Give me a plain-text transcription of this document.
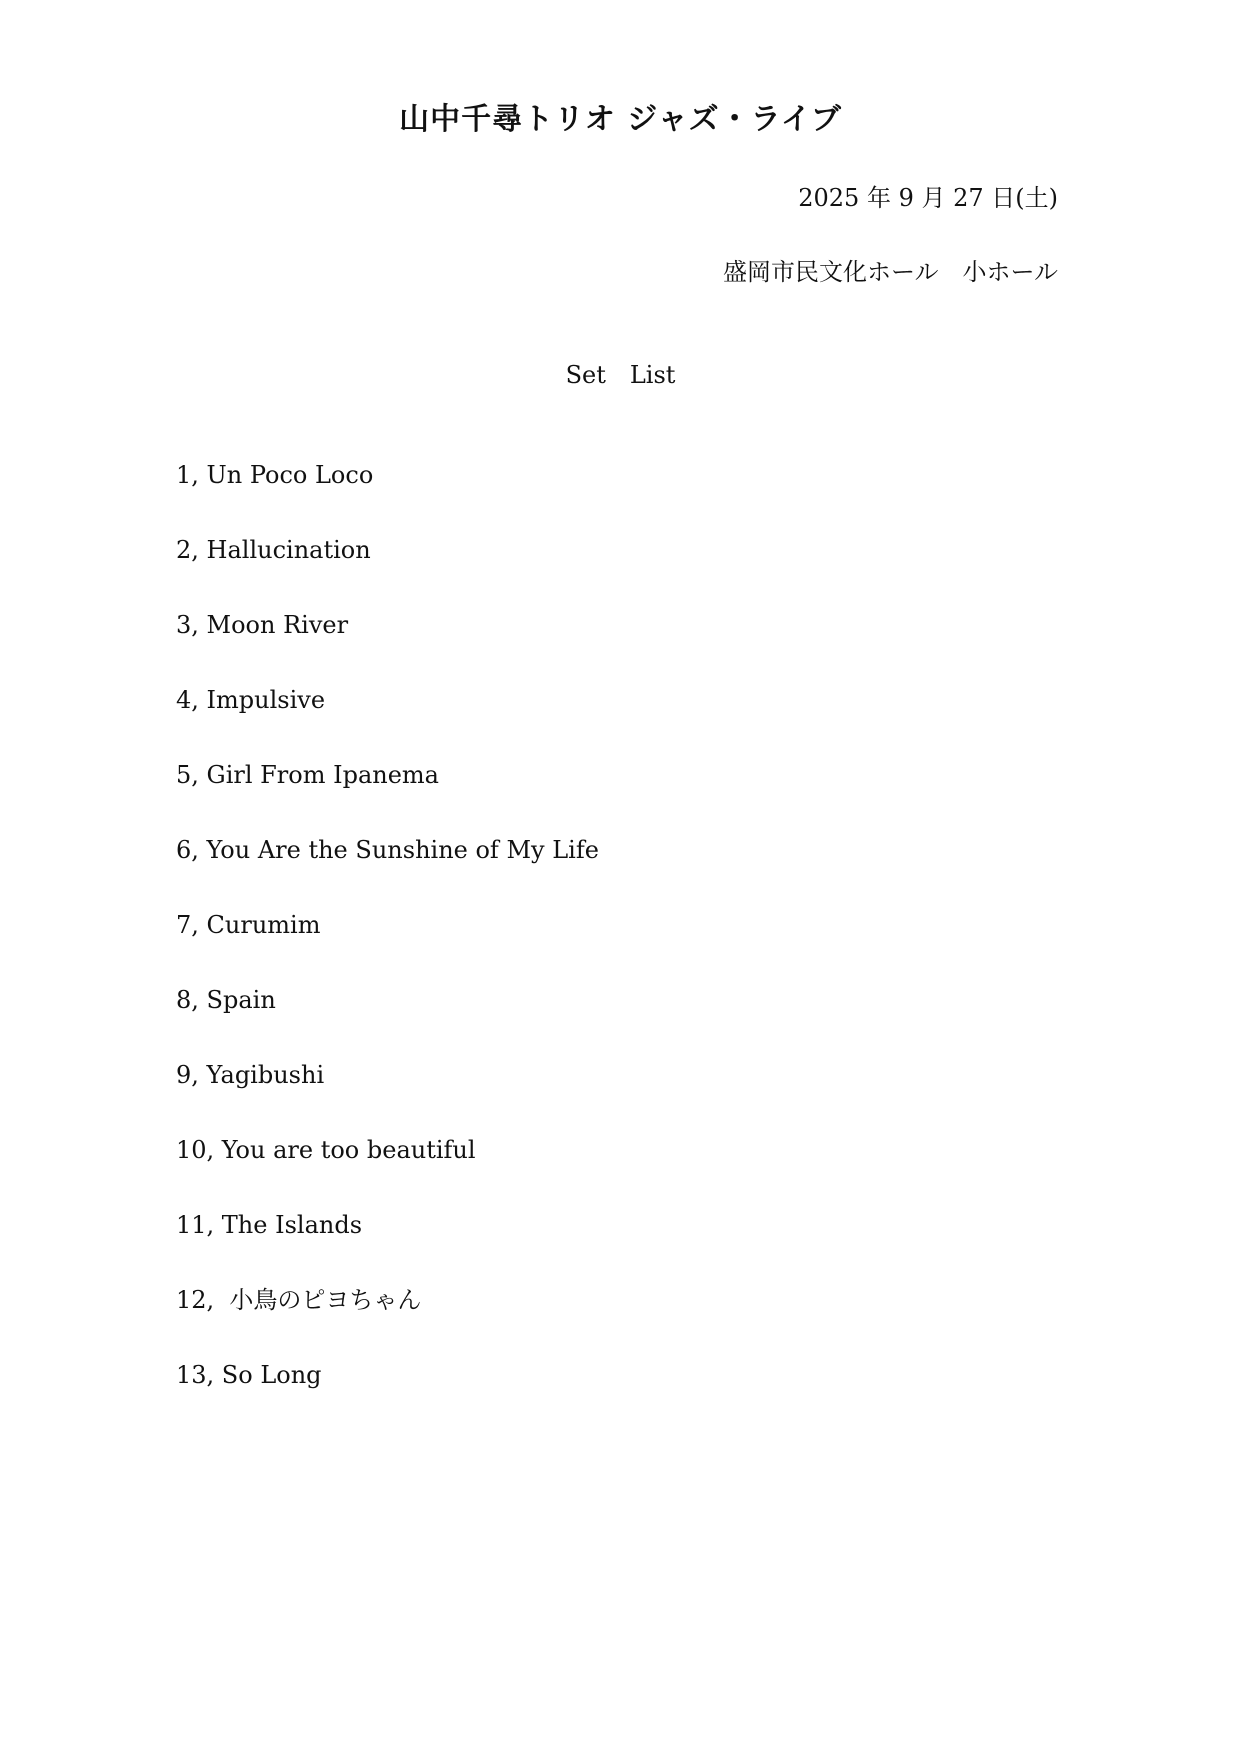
山中千尋トリオ ジャズ・ライブ
2025 年 9 月 27 日(土)
盛岡市民文化ホール　小ホール
Set　List
1, Un Poco Loco
2, Hallucination
3, Moon River
4, Impulsive
5, Girl From Ipanema
6, You Are the Sunshine of My Life
7, Curumim
8, Spain
9, Yagibushi
10, You are too beautiful
11, The Islands
12,  小鳥のピヨちゃん
13, So Long
